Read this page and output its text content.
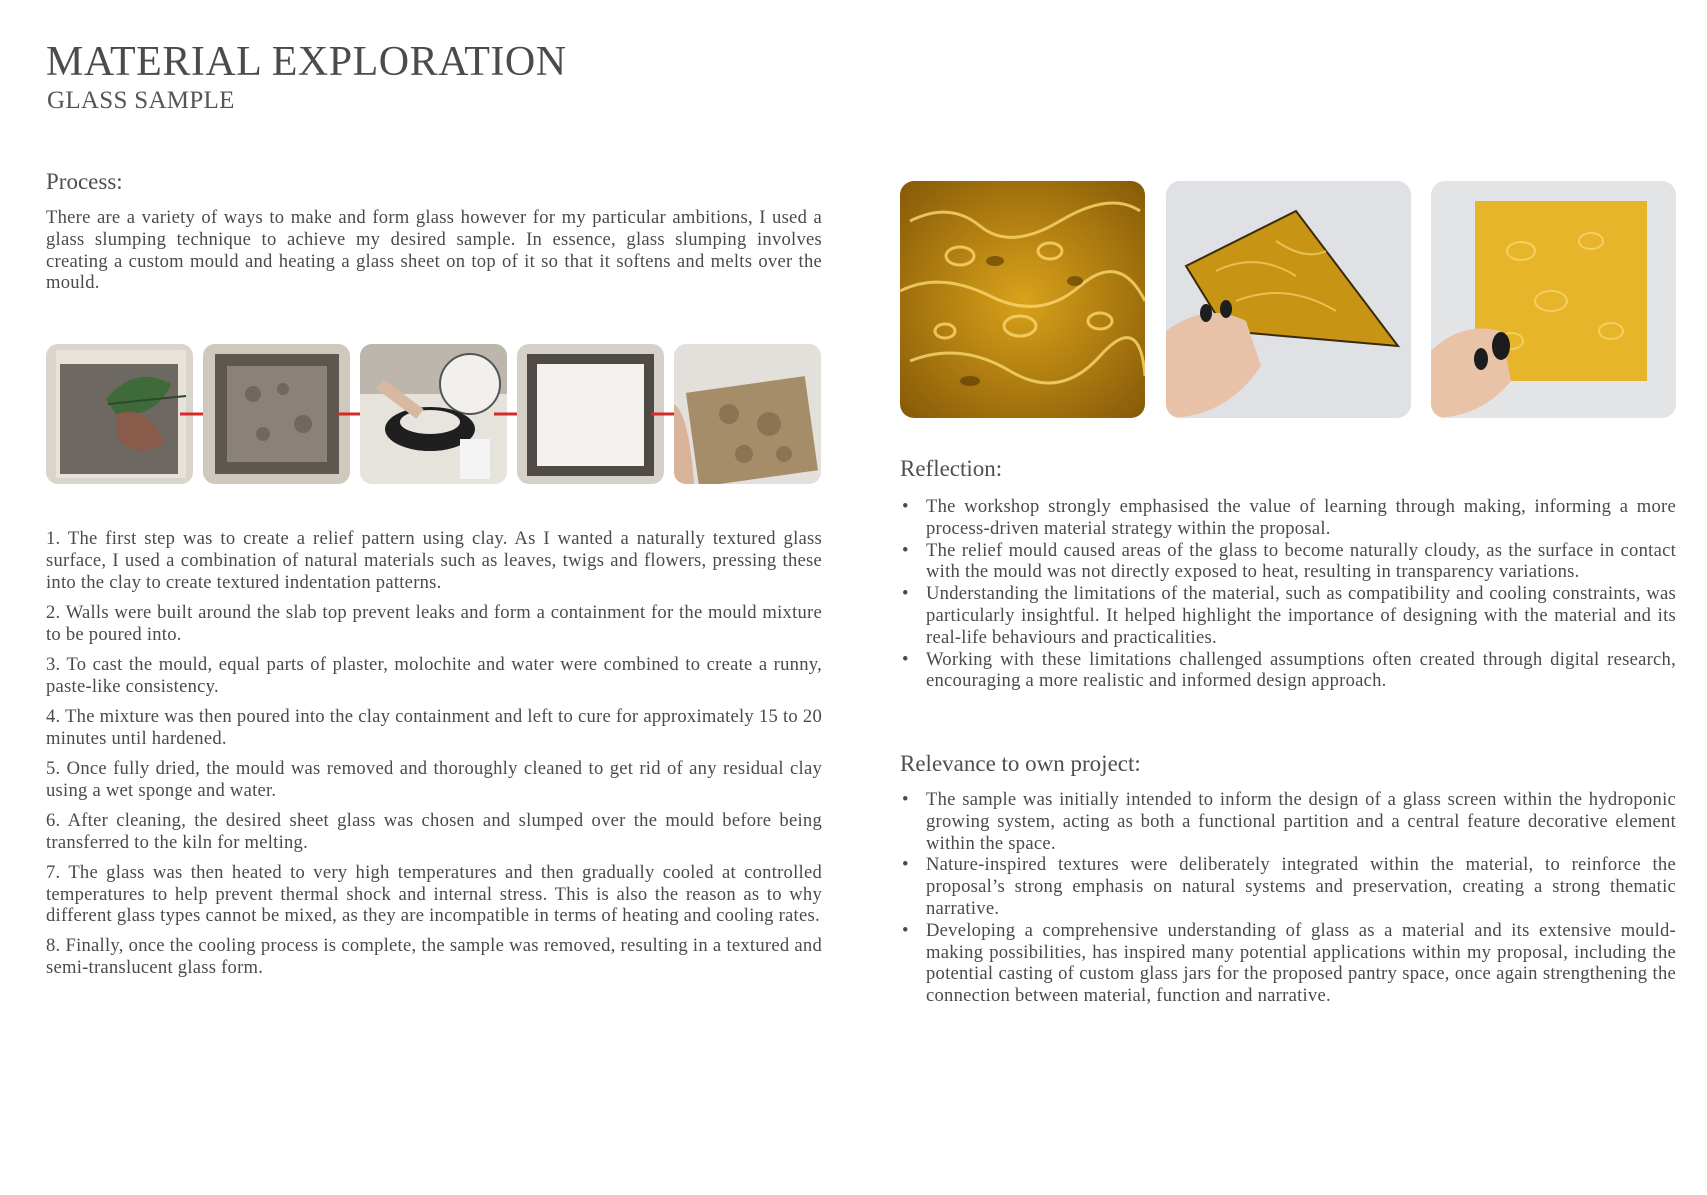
MATERIAL EXPLORATION
GLASS SAMPLE
Process:

There are a variety of ways to make and form glass however for my particular ambitions, I used a glass slumping technique to achieve my desired sample. In essence, glass slumping involves creating a custom mould and heating a glass sheet on top of it so that it softens and melts over the mould.

1. The first step was to create a relief pattern using clay. As I wanted a naturally textured glass surface, I used a combination of natural materials such as leaves, twigs and flowers, pressing these into the clay to create textured indentation patterns.
2. Walls were built around the slab top prevent leaks and form a containment for the mould mixture to be poured into.
3. To cast the mould, equal parts of plaster, molochite and water were combined to create a runny, paste-like consistency.
4. The mixture was then poured into the clay containment and left to cure for approximately 15 to 20 minutes until hardened.
5. Once fully dried, the mould was removed and thoroughly cleaned to get rid of any residual clay using a wet sponge and water.
6. After cleaning, the desired sheet glass was chosen and slumped over the mould before being transferred to the kiln for melting.
7. The glass was then heated to very high temperatures and then gradually cooled at controlled temperatures to help prevent thermal shock and internal stress. This is also the reason as to why different glass types cannot be mixed, as they are incompatible in terms of heating and cooling rates.
8. Finally, once the cooling process is complete, the sample was removed, resulting in a textured and semi-translucent glass form.
Reflection:
• The workshop strongly emphasised the value of learning through making, informing a more process-driven material strategy within the proposal.
• The relief mould caused areas of the glass to become naturally cloudy, as the surface in contact with the mould was not directly exposed to heat, resulting in transparency variations.
• Understanding the limitations of the material, such as compatibility and cooling constraints, was particularly insightful. It helped highlight the importance of designing with the material and its real-life behaviours and practicalities.
• Working with these limitations challenged assumptions often created through digital research, encouraging a more realistic and informed design approach.
Relevance to own project:
• The sample was initially intended to inform the design of a glass screen within the hydroponic growing system, acting as both a functional partition and a central feature decorative element within the space.
• Nature-inspired textures were deliberately integrated within the material, to reinforce the proposal’s strong emphasis on natural systems and preservation, creating a strong thematic narrative.
• Developing a comprehensive understanding of glass as a material and its extensive mould-making possibilities, has inspired many potential applications within my proposal, including the potential casting of custom glass jars for the proposed pantry space, once again strengthening the connection between material, function and narrative.
